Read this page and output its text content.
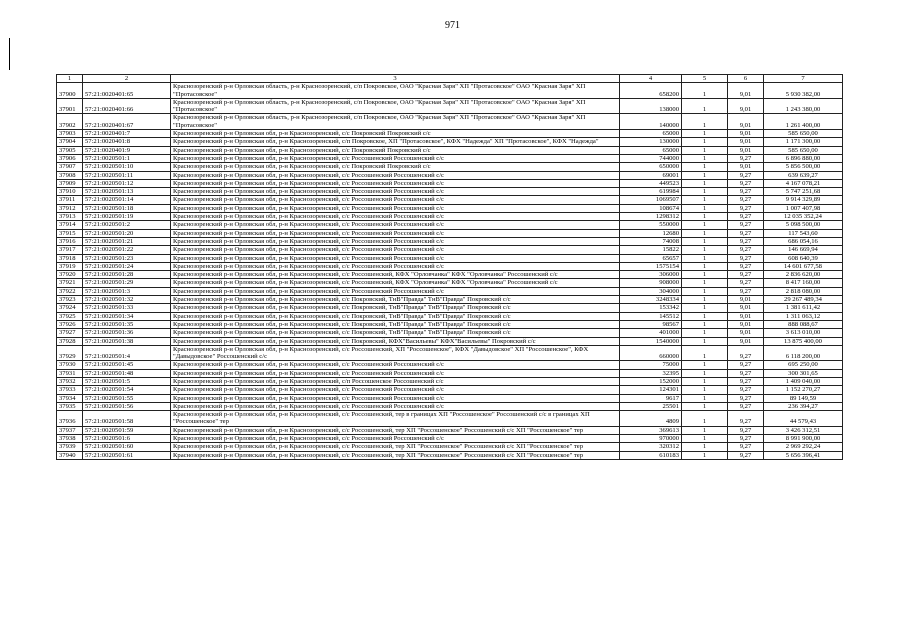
971
1	2	3	4	5	6	7
37900	57:21:0020401:65	Краснозоренский р-н Орловская область, р-н Краснозоренский, с/п Покровское, ОАО "Красная Заря" ХП "Протасовское" ОАО "Красная Заря" ХП "Протасовское"	658200	1	9,01	5 930 382,00
37901	57:21:0020401:66	Краснозоренский р-н Орловская область, р-н Краснозоренский, с/п Покровское, ОАО "Красная Заря" ХП "Протасовское" ОАО "Красная Заря" ХП "Протасовское"	138000	1	9,01	1 243 380,00
37902	57:21:0020401:67	Краснозоренский р-н Орловская область, р-н Краснозоренский, с/п Покровское, ОАО "Красная Заря" ХП "Протасовское" ОАО "Красная Заря" ХП "Протасовское"	140000	1	9,01	1 261 400,00
37903	57:21:0020401:7	Краснозоренский р-н Орловская обл, р-н Краснозоренский, с/с Покровский Покровский с/с	65000	1	9,01	585 650,00
37904	57:21:0020401:8	Краснозоренский р-н Орловская обл, р-н Краснозоренский, с/п Покровское, ХП "Протасовское", КФХ "Надежда" ХП "Протасовское", КФХ "Надежда"	130000	1	9,01	1 171 300,00
37905	57:21:0020401:9	Краснозоренский р-н Орловская обл, р-н Краснозоренский, с/с Покровский Покровский с/с	65000	1	9,01	585 650,00
37906	57:21:0020501:1	Краснозоренский р-н Орловская обл, р-н Краснозоренский, с/с Россошенский Россошенский с/с	744000	1	9,27	6 896 880,00
37907	57:21:0020501:10	Краснозоренский р-н Орловская обл, р-н Краснозоренский, с/с Покровский Покровский с/с	650000	1	9,01	5 856 500,00
37908	57:21:0020501:11	Краснозоренский р-н Орловская обл, р-н Краснозоренский, с/с Россошенский Россошенский с/с	69001	1	9,27	639 639,27
37909	57:21:0020501:12	Краснозоренский р-н Орловская обл, р-н Краснозоренский, с/с Россошенский Россошенский с/с	449523	1	9,27	4 167 078,21
37910	57:21:0020501:13	Краснозоренский р-н Орловская обл, р-н Краснозоренский, с/с Россошенский Россошенский с/с	619984	1	9,27	5 747 251,68
37911	57:21:0020501:14	Краснозоренский р-н Орловская обл, р-н Краснозоренский, с/с Россошенский Россошенский с/с	1069507	1	9,27	9 914 329,89
37912	57:21:0020501:18	Краснозоренский р-н Орловская обл, р-н Краснозоренский, с/с Россошенский Россошенский с/с	108674	1	9,27	1 007 407,98
37913	57:21:0020501:19	Краснозоренский р-н Орловская обл, р-н Краснозоренский, с/с Россошенский Россошенский с/с	1298312	1	9,27	12 035 352,24
37914	57:21:0020501:2	Краснозоренский р-н Орловская обл, р-н Краснозоренский, с/с Россошенский Россошенский с/с	550000	1	9,27	5 098 500,00
37915	57:21:0020501:20	Краснозоренский р-н Орловская обл, р-н Краснозоренский, с/с Россошенский Россошенский с/с	12680	1	9,27	117 543,60
37916	57:21:0020501:21	Краснозоренский р-н Орловская обл, р-н Краснозоренский, с/с Россошенский Россошенский с/с	74008	1	9,27	686 054,16
37917	57:21:0020501:22	Краснозоренский р-н Орловская обл, р-н Краснозоренский, с/с Россошенский Россошенский с/с	15822	1	9,27	146 669,94
37918	57:21:0020501:23	Краснозоренский р-н Орловская обл, р-н Краснозоренский, с/с Россошенский Россошенский с/с	65657	1	9,27	608 640,39
37919	57:21:0020501:24	Краснозоренский р-н Орловская обл, р-н Краснозоренский, с/с Россошенский Россошенский с/с	1575154	1	9,27	14 601 677,58
37920	57:21:0020501:28	Краснозоренский р-н Орловская обл, р-н Краснозоренский, с/с Россошенский, КФХ "Орловчанка" КФХ "Орловчанка" Россошенский с/с	306000	1	9,27	2 836 620,00
37921	57:21:0020501:29	Краснозоренский р-н Орловская обл, р-н Краснозоренский, с/с Россошенский, КФХ "Орловчанка" КФХ "Орловчанка" Россошенский с/с	908000	1	9,27	8 417 160,00
37922	57:21:0020501:3	Краснозоренский р-н Орловская обл, р-н Краснозоренский, с/с Россошенский Россошенский с/с	304000	1	9,27	2 818 080,00
37923	57:21:0020501:32	Краснозоренский р-н Орловская обл, р-н Краснозоренский, с/с Покровский, ТнВ"Правда" ТнВ"Правда" Покровский с/с	3248334	1	9,01	29 267 489,34
37924	57:21:0020501:33	Краснозоренский р-н Орловская обл, р-н Краснозоренский, с/с Покровский, ТнВ"Правда" ТнВ"Правда" Покровский с/с	153342	1	9,01	1 381 611,42
37925	57:21:0020501:34	Краснозоренский р-н Орловская обл, р-н Краснозоренский, с/с Покровский, ТнВ"Правда" ТнВ"Правда" Покровский с/с	145512	1	9,01	1 311 063,12
37926	57:21:0020501:35	Краснозоренский р-н Орловская обл, р-н Краснозоренский, с/с Покровский, ТнВ"Правда" ТнВ"Правда" Покровский с/с	98567	1	9,01	888 088,67
37927	57:21:0020501:36	Краснозоренский р-н Орловская обл, р-н Краснозоренский, с/с Покровский, ТнВ"Правда" ТнВ"Правда" Покровский с/с	401000	1	9,01	3 613 010,00
37928	57:21:0020501:38	Краснозоренский р-н Орловская обл, р-н Краснозоренский, с/с Покровский, КФХ"Васильевы" КФХ"Васильевы" Покровский с/с	1540000	1	9,01	13 875 400,00
37929	57:21:0020501:4	Краснозоренский р-н Орловская обл, р-н Краснозоренский, с/с Россошенский, ХП "Россошенское", КФХ "Давыдовское" ХП "Россошенское", КФХ "Давыдовское" Россошенский с/с	660000	1	9,27	6 118 200,00
37930	57:21:0020501:45	Краснозоренский р-н Орловская обл, р-н Краснозоренский, с/с Россошенский Россошенский с/с	75000	1	9,27	695 250,00
37931	57:21:0020501:48	Краснозоренский р-н Орловская обл, р-н Краснозоренский, с/с Россошенский Россошенский с/с	32395	1	9,27	300 301,65
37932	57:21:0020501:5	Краснозоренский р-н Орловская обл, р-н Краснозоренский, с/п Россошенское Россошенский с/с	152000	1	9,27	1 409 040,00
37933	57:21:0020501:54	Краснозоренский р-н Орловская обл, р-н Краснозоренский, с/с Россошенский Россошенский с/с	124301	1	9,27	1 152 270,27
37934	57:21:0020501:55	Краснозоренский р-н Орловская обл, р-н Краснозоренский, с/с Россошенский Россошенский с/с	9617	1	9,27	89 149,59
37935	57:21:0020501:56	Краснозоренский р-н Орловская обл, р-н Краснозоренский, с/с Россошенский Россошенский с/с	25501	1	9,27	236 394,27
37936	57:21:0020501:58	Краснозоренский р-н Орловская обл, р-н Краснозоренский, с/с Россошенский, тер в границах ХП "Россошенское" Россошенский с/с в границах ХП "Россошенское" тер	4809	1	9,27	44 579,43
37937	57:21:0020501:59	Краснозоренский р-н Орловская обл, р-н Краснозоренский, с/с Россошенский, тер ХП "Россошенское" Россошенский с/с ХП "Россошенское" тер	369613	1	9,27	3 426 312,51
37938	57:21:0020501:6	Краснозоренский р-н Орловская обл, р-н Краснозоренский, с/с Россошенский Россошенский с/с	970000	1	9,27	8 991 900,00
37939	57:21:0020501:60	Краснозоренский р-н Орловская обл, р-н Краснозоренский, с/с Россошенский, тер ХП "Россошенское" Россошенский с/с ХП "Россошенское" тер	320312	1	9,27	2 969 292,24
37940	57:21:0020501:61	Краснозоренский р-н Орловская обл, р-н Краснозоренский, с/с Россошенский, тер ХП "Россошенское" Россошенский с/с ХП "Россошенское" тер	610183	1	9,27	5 656 396,41
